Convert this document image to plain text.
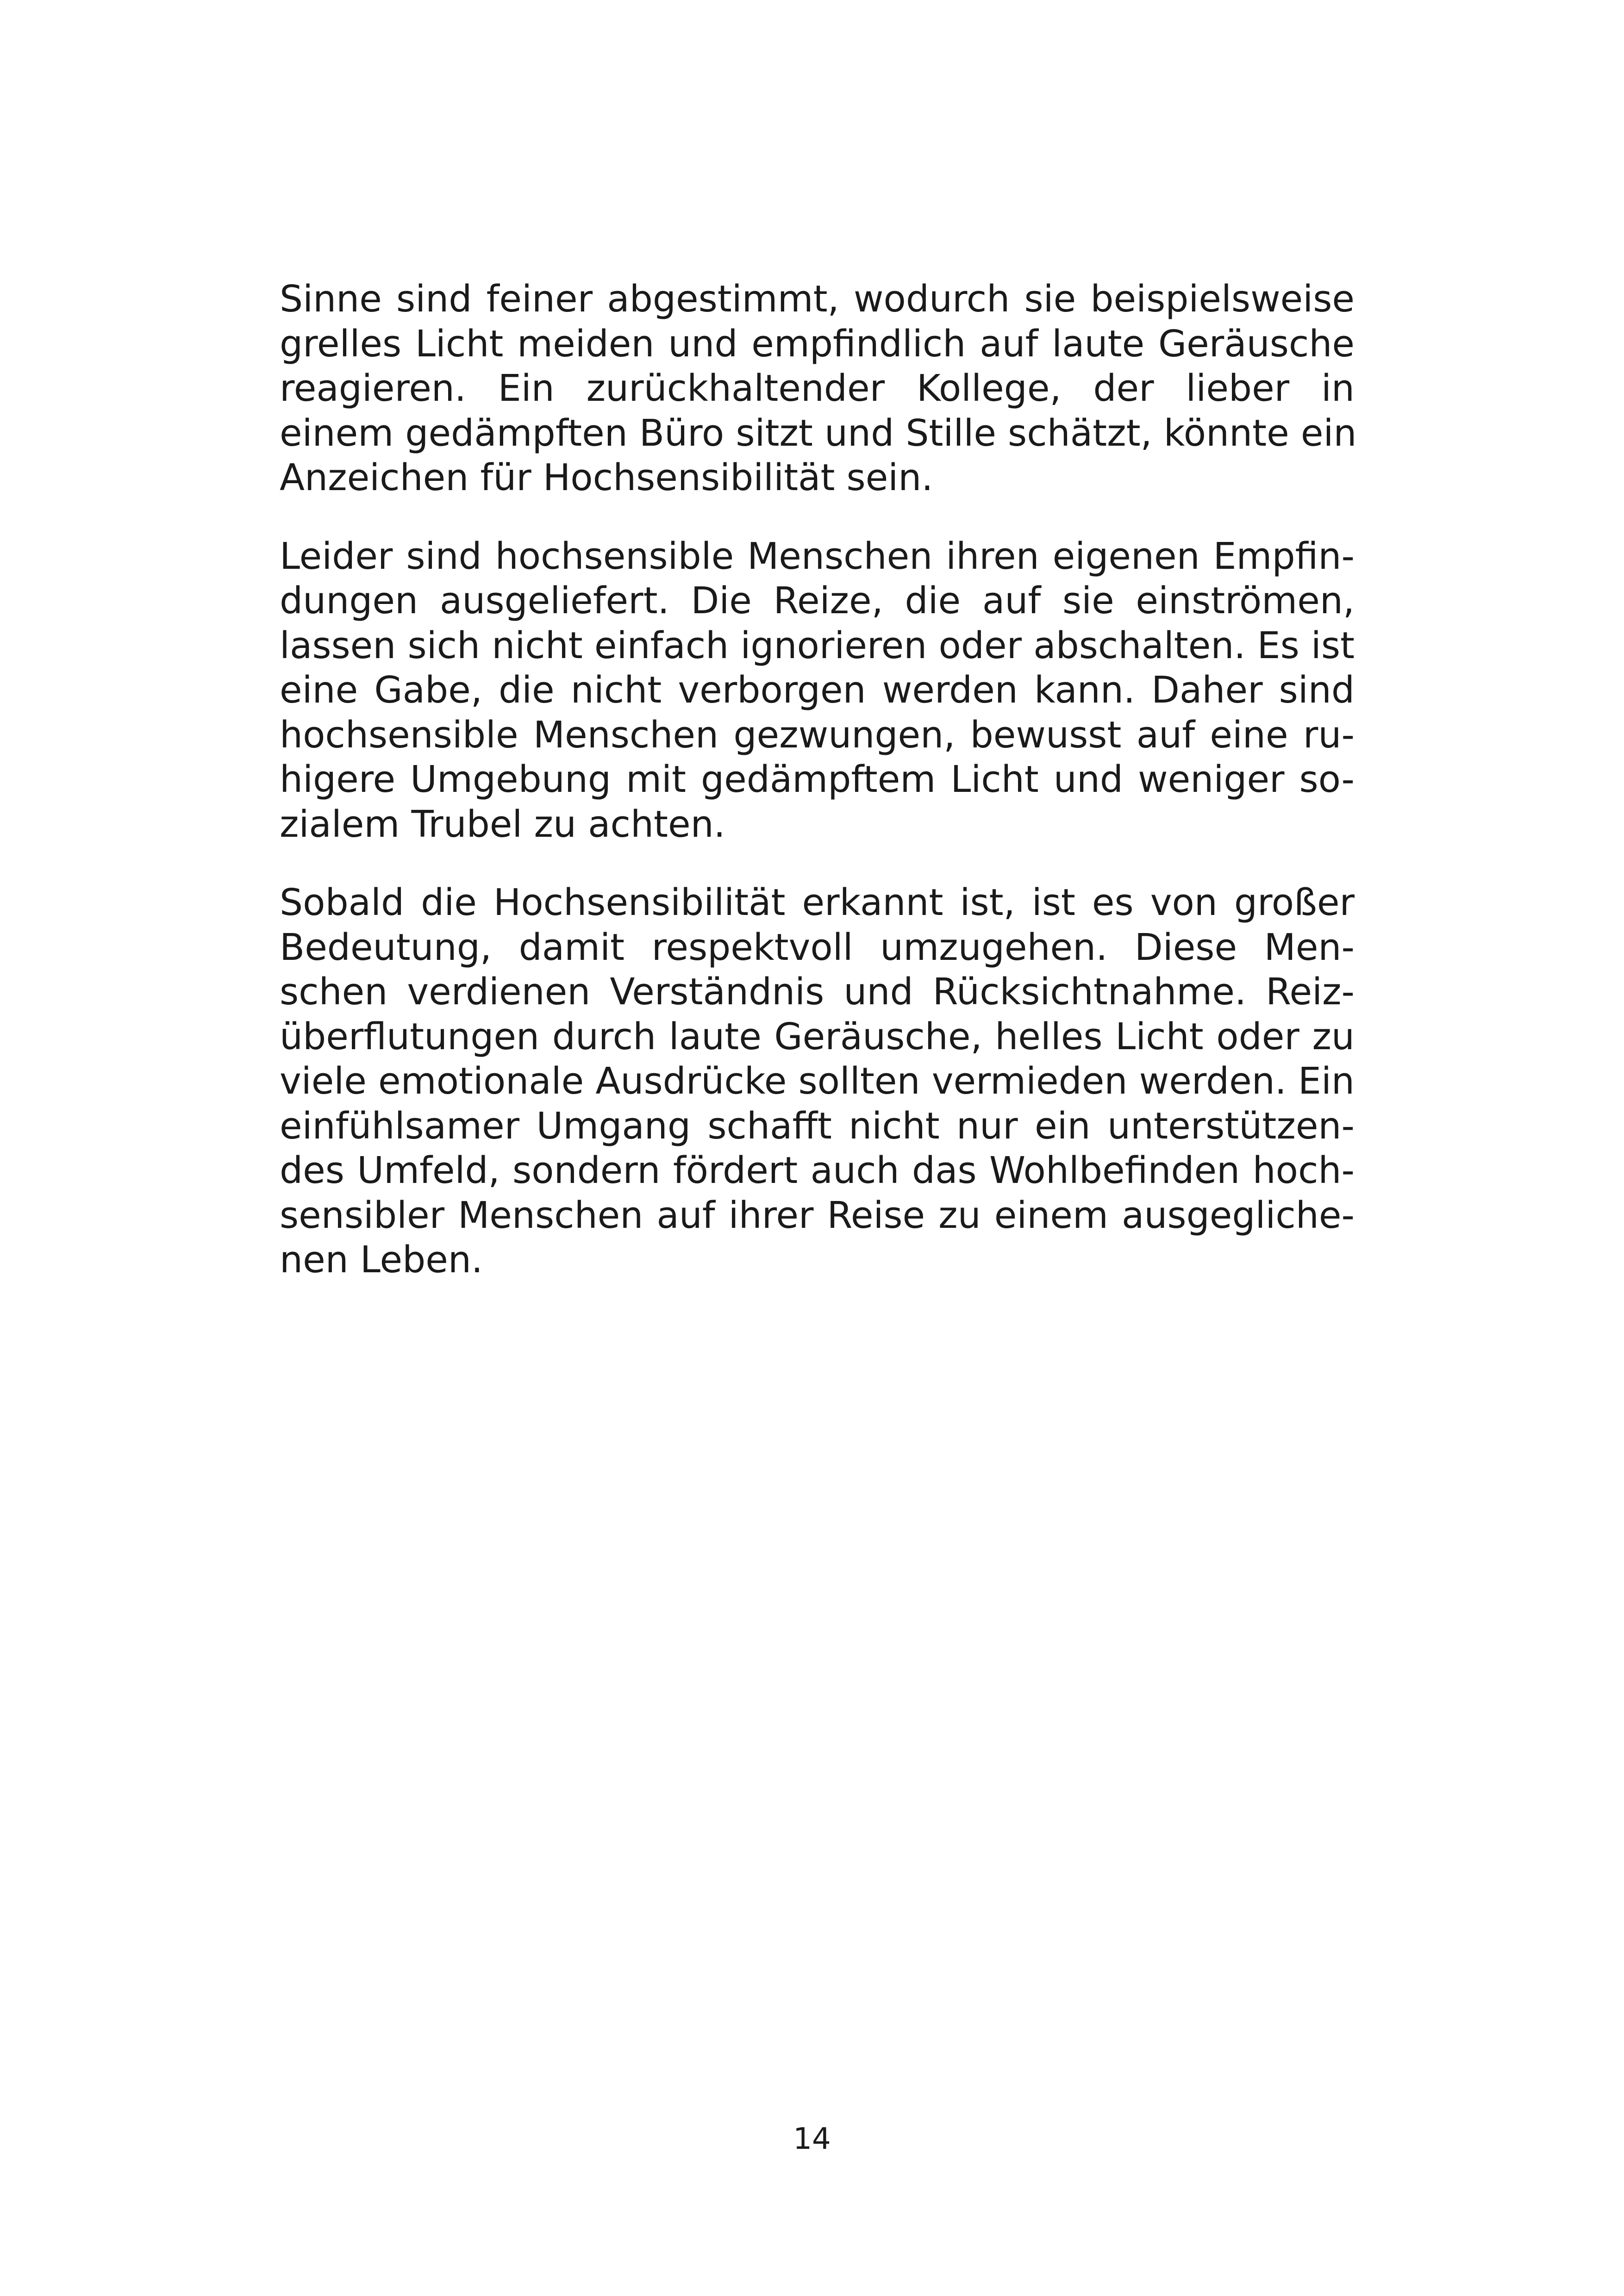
Sinne sind feiner abgestimmt, wodurch sie beispielsweise
grelles Licht meiden und empfindlich auf laute Geräusche
reagieren. Ein zurückhaltender Kollege, der lieber in
einem gedämpften Büro sitzt und Stille schätzt, könnte ein
Anzeichen für Hochsensibilität sein.

Leider sind hochsensible Menschen ihren eigenen Empfin-
dungen ausgeliefert. Die Reize, die auf sie einströmen,
lassen sich nicht einfach ignorieren oder abschalten. Es ist
eine Gabe, die nicht verborgen werden kann. Daher sind
hochsensible Menschen gezwungen, bewusst auf eine ru-
higere Umgebung mit gedämpftem Licht und weniger so-
zialem Trubel zu achten.

Sobald die Hochsensibilität erkannt ist, ist es von großer
Bedeutung, damit respektvoll umzugehen. Diese Men-
schen verdienen Verständnis und Rücksichtnahme. Reiz-
überflutungen durch laute Geräusche, helles Licht oder zu
viele emotionale Ausdrücke sollten vermieden werden. Ein
einfühlsamer Umgang schafft nicht nur ein unterstützen-
des Umfeld, sondern fördert auch das Wohlbefinden hoch-
sensibler Menschen auf ihrer Reise zu einem ausgegliche-
nen Leben.

14
